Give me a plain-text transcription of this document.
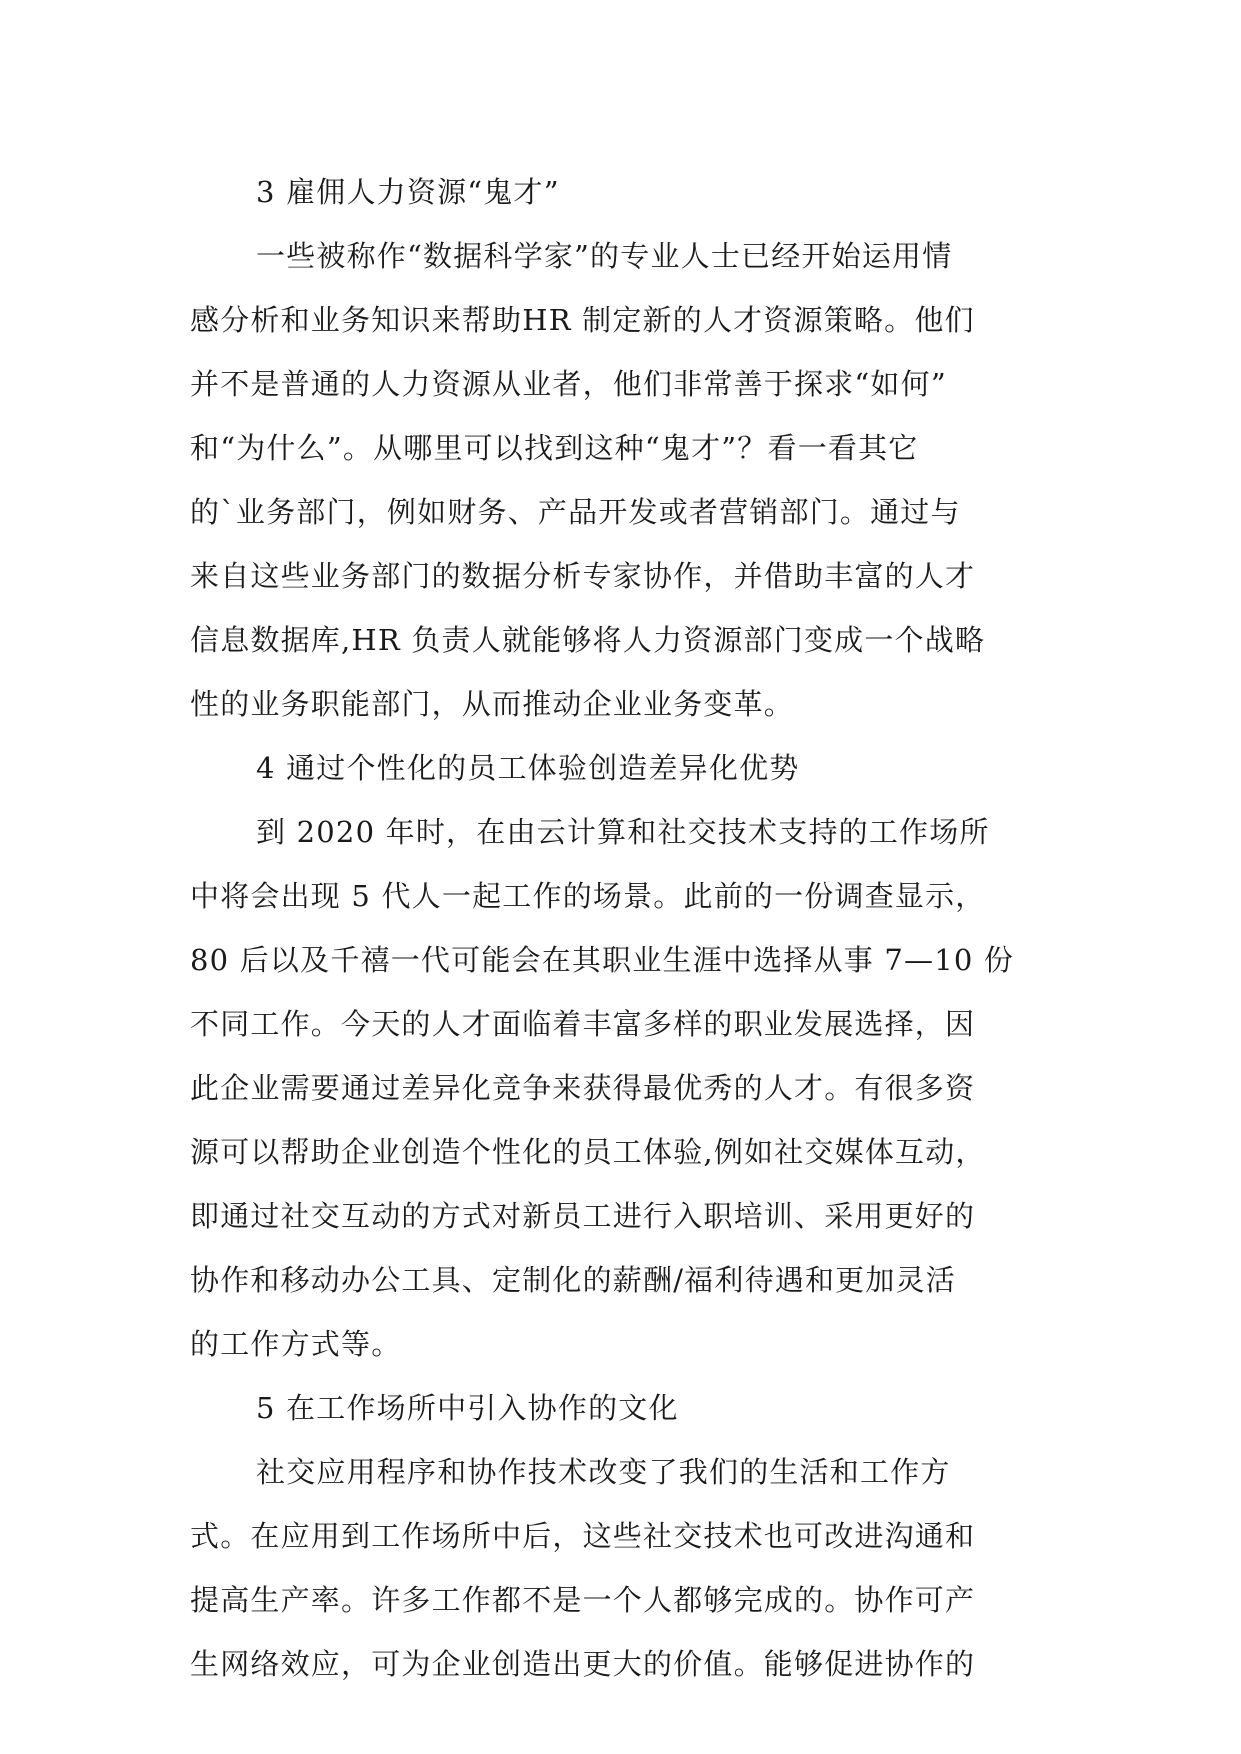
3 雇佣人力资源“鬼才”
一些被称作“数据科学家”的专业人士已经开始运用情
感分析和业务知识来帮助HR 制定新的人才资源策略。他们
并不是普通的人力资源从业者，他们非常善于探求“如何”
和“为什么”。从哪里可以找到这种“鬼才”？看一看其它
的`业务部门，例如财务、产品开发或者营销部门。通过与
来自这些业务部门的数据分析专家协作，并借助丰富的人才
信息数据库,HR 负责人就能够将人力资源部门变成一个战略
性的业务职能部门，从而推动企业业务变革。
4 通过个性化的员工体验创造差异化优势
到 2020 年时，在由云计算和社交技术支持的工作场所
中将会出现 5 代人一起工作的场景。此前的一份调查显示，
80 后以及千禧一代可能会在其职业生涯中选择从事 7—10 份
不同工作。今天的人才面临着丰富多样的职业发展选择，因
此企业需要通过差异化竞争来获得最优秀的人才。有很多资
源可以帮助企业创造个性化的员工体验,例如社交媒体互动，
即通过社交互动的方式对新员工进行入职培训、采用更好的
协作和移动办公工具、定制化的薪酬/福利待遇和更加灵活
的工作方式等。
5 在工作场所中引入协作的文化
社交应用程序和协作技术改变了我们的生活和工作方
式。在应用到工作场所中后，这些社交技术也可改进沟通和
提高生产率。许多工作都不是一个人都够完成的。协作可产
生网络效应，可为企业创造出更大的价值。能够促进协作的
